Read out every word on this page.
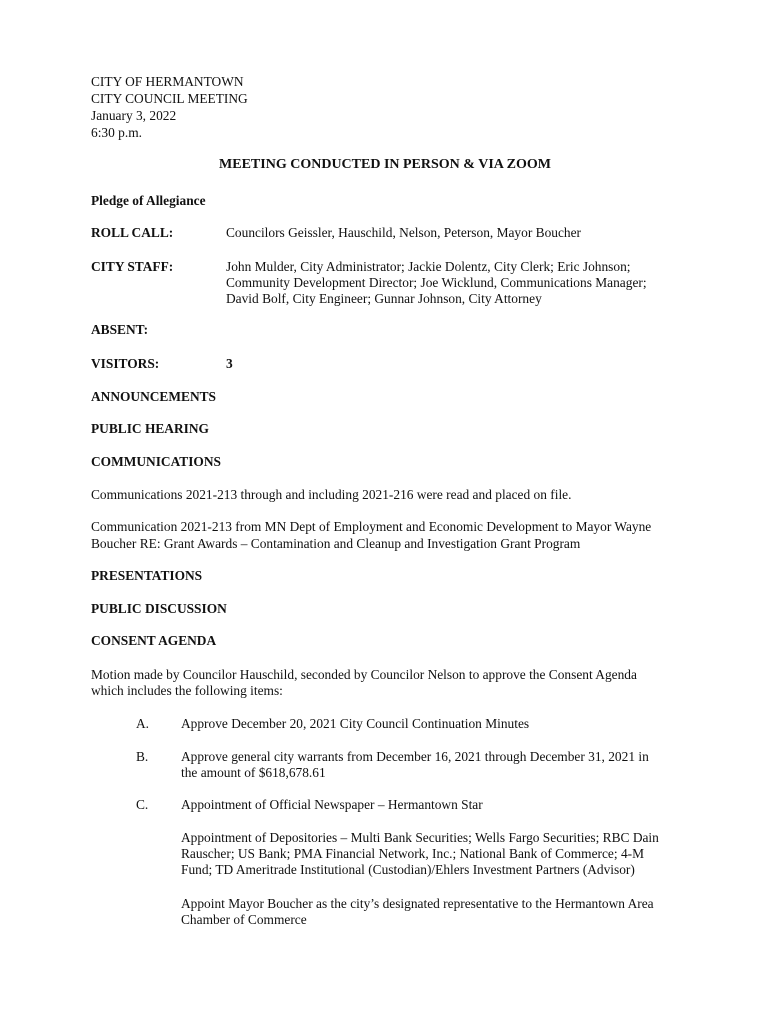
CITY OF HERMANTOWN
CITY COUNCIL MEETING
January 3, 2022
6:30 p.m.
MEETING CONDUCTED IN PERSON & VIA ZOOM
Pledge of Allegiance
ROLL CALL:	Councilors Geissler, Hauschild, Nelson, Peterson, Mayor Boucher
CITY STAFF:	John Mulder, City Administrator; Jackie Dolentz, City Clerk; Eric Johnson;
Community Development Director; Joe Wicklund, Communications Manager;
David Bolf, City Engineer; Gunnar Johnson, City Attorney
ABSENT:
VISITORS:	3
ANNOUNCEMENTS
PUBLIC HEARING
COMMUNICATIONS
Communications 2021-213 through and including 2021-216 were read and placed on file.
Communication 2021-213 from MN Dept of Employment and Economic Development to Mayor Wayne
Boucher RE: Grant Awards – Contamination and Cleanup and Investigation Grant Program
PRESENTATIONS
PUBLIC DISCUSSION
CONSENT AGENDA
Motion made by Councilor Hauschild, seconded by Councilor Nelson to approve the Consent Agenda
which includes the following items:
A. Approve December 20, 2021 City Council Continuation Minutes
B. Approve general city warrants from December 16, 2021 through December 31, 2021 in
the amount of $618,678.61
C. Appointment of Official Newspaper – Hermantown Star
Appointment of Depositories – Multi Bank Securities; Wells Fargo Securities; RBC Dain
Rauscher; US Bank; PMA Financial Network, Inc.; National Bank of Commerce; 4-M
Fund; TD Ameritrade Institutional (Custodian)/Ehlers Investment Partners (Advisor)
Appoint Mayor Boucher as the city’s designated representative to the Hermantown Area
Chamber of Commerce
